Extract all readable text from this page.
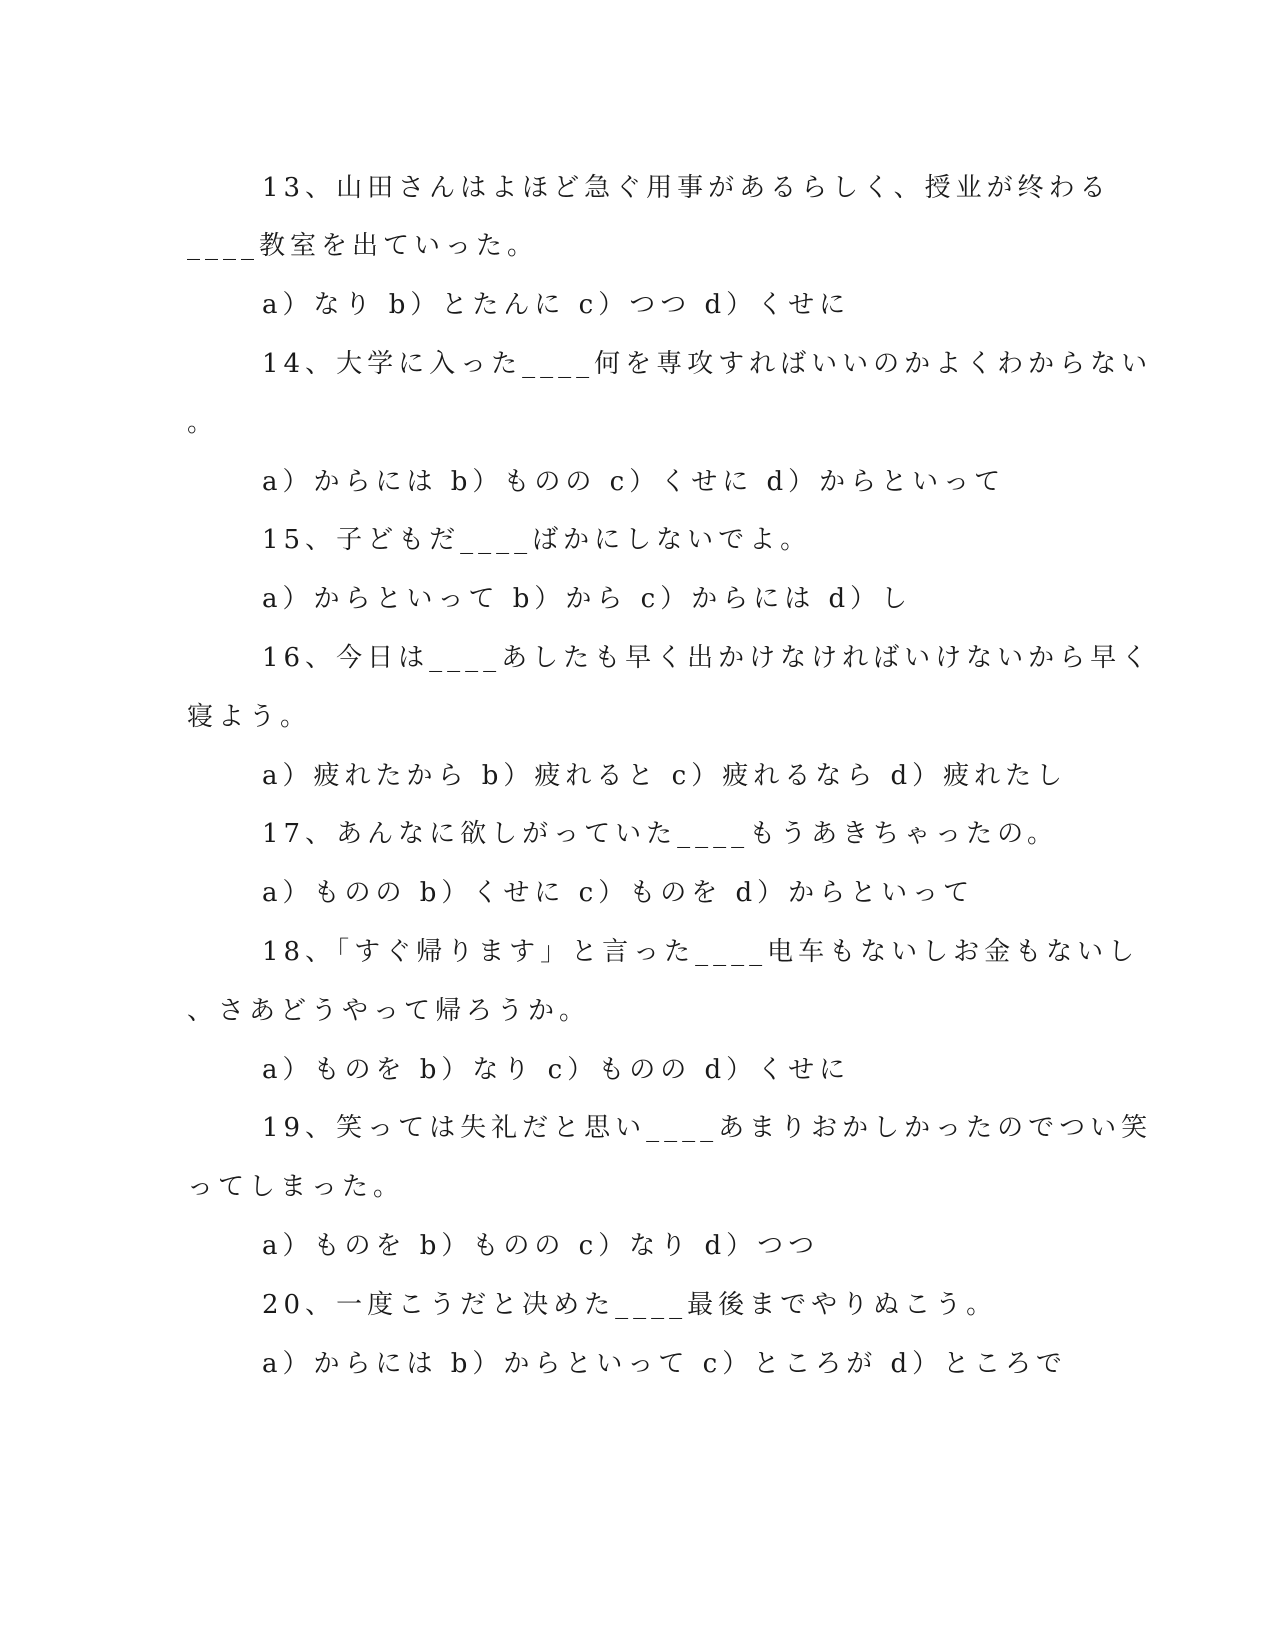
13、山田さんはよほど急ぐ用事があるらしく、授业が终わる
____教室を出ていった。
a）なり b）とたんに c）つつ d）くせに
14、大学に入った____何を専攻すればいいのかよくわからない
。
a）からには b）ものの c）くせに d）からといって
15、子どもだ____ばかにしないでよ。
a）からといって b）から c）からには d）し
16、今日は____あしたも早く出かけなければいけないから早く
寝よう。
a）疲れたから b）疲れると c）疲れるなら d）疲れたし
17、あんなに欲しがっていた____もうあきちゃったの。
a）ものの b）くせに c）ものを d）からといって
18、「すぐ帰ります」と言った____电车もないしお金もないし
、さあどうやって帰ろうか。
a）ものを b）なり c）ものの d）くせに
19、笑っては失礼だと思い____あまりおかしかったのでつい笑
ってしまった。
a）ものを b）ものの c）なり d）つつ
20、一度こうだと决めた____最後までやりぬこう。
a）からには b）からといって c）ところが d）ところで
